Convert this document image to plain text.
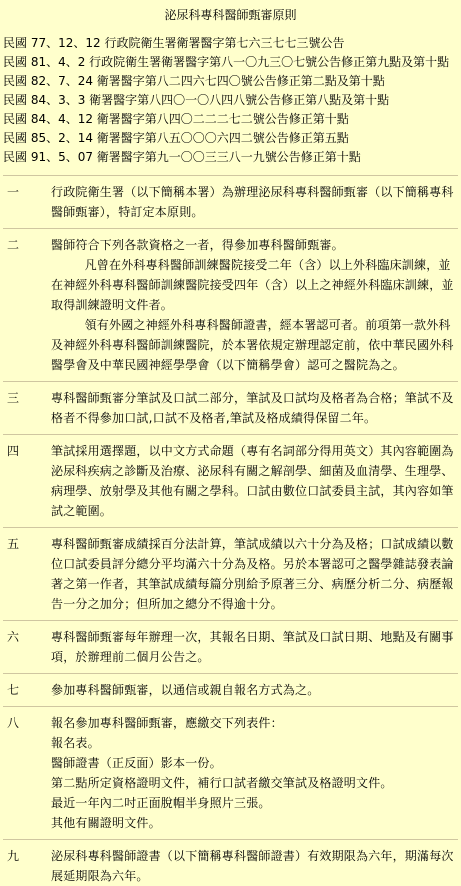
泌尿科專科醫師甄審原則
民國 77、12、12 行政院衛生署衛署醫字第七六三七七三號公告
民國 81、4、2 行政院衛生署衛署醫字第八一〇九三〇七號公告修正第九點及第十點
民國 82、7、24 衛署醫字第八二四六七四〇號公告修正第二點及第十點
民國 84、3、3 衛署醫字第八四〇一〇八四八號公告修正第八點及第十點
民國 84、4、12 衛署醫字第八四〇二二二七二號公告修正第十點
民國 85、2、14 衛署醫字第八五〇〇〇六四二號公告修正第五點
民國 91、5、07 衛署醫字第九一〇〇三三八一九號公告修正第十點
一	行政院衛生署（以下簡稱本署）為辦理泌尿科專科醫師甄審（以下簡稱專科醫師甄審），特訂定本原則。

二	醫師符合下列各款資格之一者，得參加專科醫師甄審。

凡曾在外科專科醫師訓練醫院接受二年（含）以上外科臨床訓練，並在神經外科專科醫師訓練醫院接受四年（含）以上之神經外科臨床訓練，並取得訓練證明文件者。

領有外國之神經外科專科醫師證書，經本署認可者。前項第一款外科及神經外科專科醫師訓練醫院，於本署依規定辦理認定前，依中華民國外科醫學會及中華民國神經學學會（以下簡稱學會）認可之醫院為之。

三	專科醫師甄審分筆試及口試二部分，筆試及口試均及格者為合格；筆試不及格者不得參加口試,口試不及格者,筆試及格成績得保留二年。

四	筆試採用選擇題，以中文方式命題（專有名詞部分得用英文）其內容範圍為泌尿科疾病之診斷及治療、泌尿科有關之解剖學、細菌及血清學、生理學、病理學、放射學及其他有關之學科。口試由數位口試委員主試，其內容如筆試之範圍。

五	專科醫師甄審成績採百分法計算，筆試成績以六十分為及格；口試成績以數位口試委員評分總分平均滿六十分為及格。另於本署認可之醫學雜誌發表論著之第一作者，其筆試成績每篇分別給予原著三分、病歷分析二分、病歷報告一分之加分；但所加之總分不得逾十分。

六	專科醫師甄審每年辦理一次，其報名日期、筆試及口試日期、地點及有關事項，於辦理前二個月公告之。

七	參加專科醫師甄審，以通信或親自報名方式為之。

八	報名參加專科醫師甄審，應繳交下列表件：

報名表。

醫師證書（正反面）影本一份。

第二點所定資格證明文件，補行口試者繳交筆試及格證明文件。

最近一年內二吋正面脫帽半身照片三張。

其他有關證明文件。

九	泌尿科專科醫師證書（以下簡稱專科醫師證書）有效期限為六年，期滿每次展延期限為六年。
